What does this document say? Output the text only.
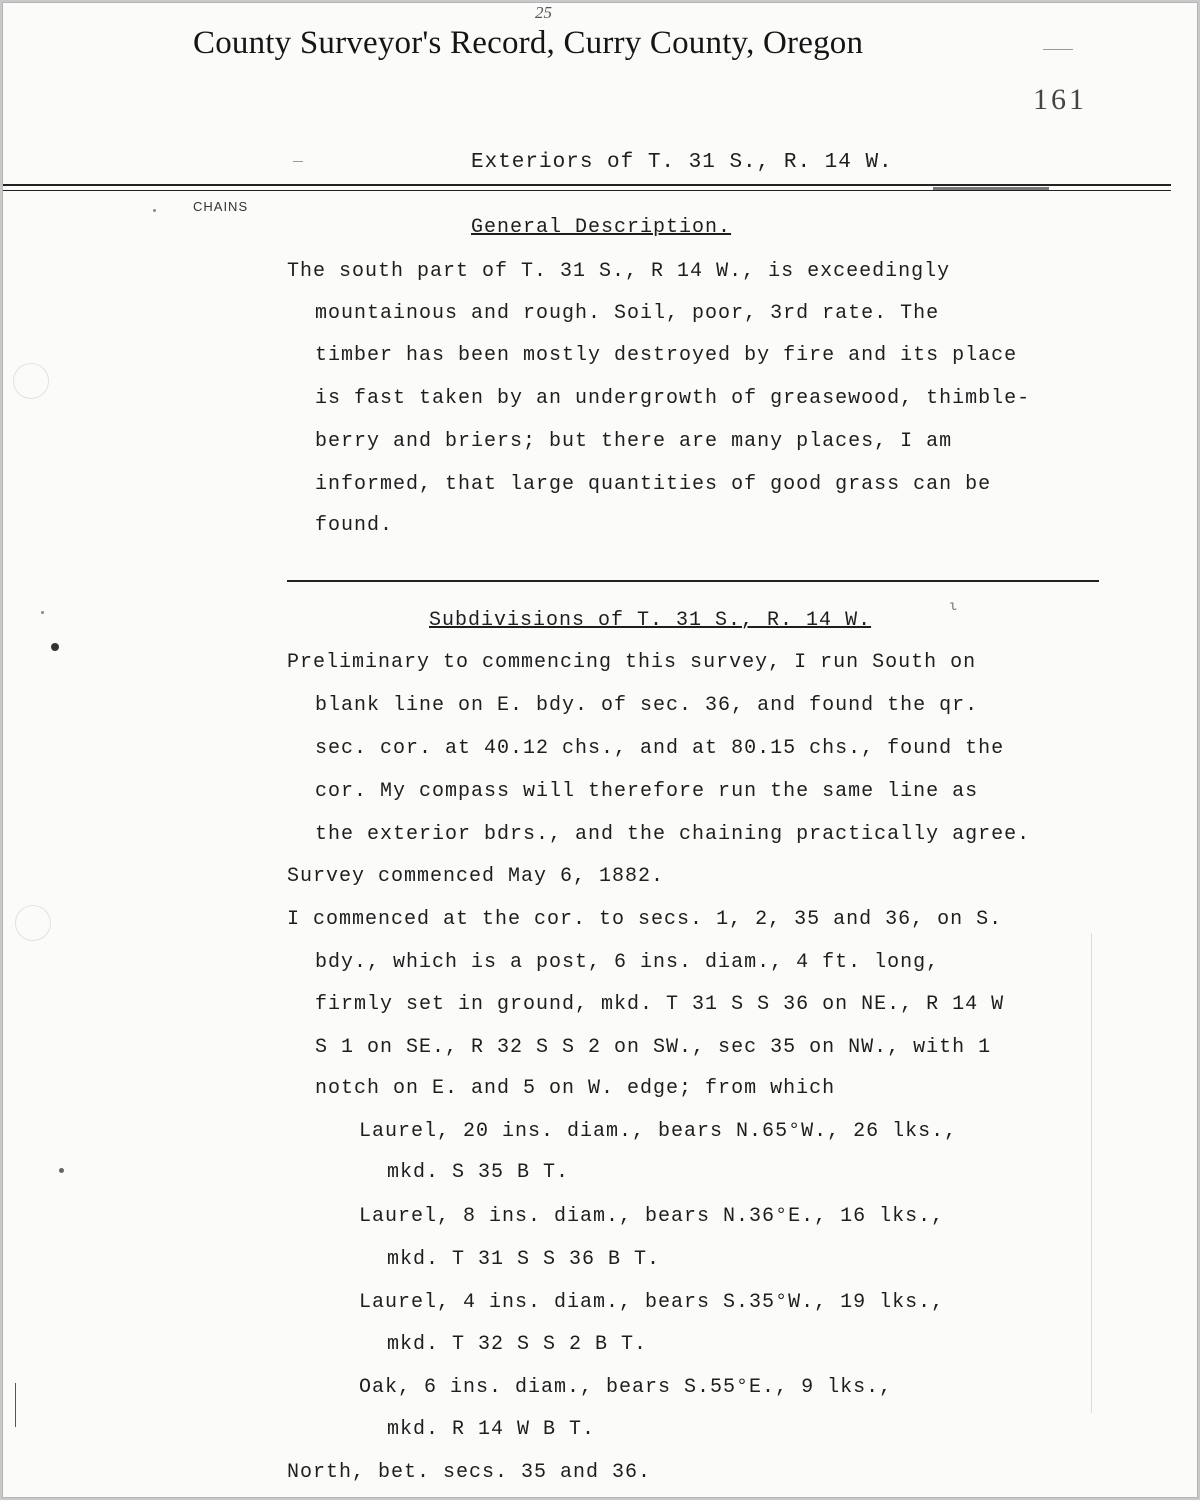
25
County Surveyor's Record, Curry County, Oregon
161
Exteriors of T. 31 S., R. 14 W.
CHAINS
General Description.
The south part of T. 31 S., R 14 W., is exceedingly
mountainous and rough. Soil, poor, 3rd rate. The
timber has been mostly destroyed by fire and its place
is fast taken by an undergrowth of greasewood, thimble-
berry and briers; but there are many places, I am
informed, that large quantities of good grass can be
found.
Subdivisions of T. 31 S., R. 14 W.
ι
Preliminary to commencing this survey, I run South on
blank line on E. bdy. of sec. 36, and found the qr.
sec. cor. at 40.12 chs., and at 80.15 chs., found the
cor. My compass will therefore run the same line as
the exterior bdrs., and the chaining practically agree.
Survey commenced May 6, 1882.
I commenced at the cor. to secs. 1, 2, 35 and 36, on S.
bdy., which is a post, 6 ins. diam., 4 ft. long,
firmly set in ground, mkd. T 31 S S 36 on NE., R 14 W
S 1 on SE., R 32 S S 2 on SW., sec 35 on NW., with 1
notch on E. and 5 on W. edge; from which
Laurel, 20 ins. diam., bears N.65°W., 26 lks.,
mkd. S 35 B T.
Laurel, 8 ins. diam., bears N.36°E., 16 lks.,
mkd. T 31 S S 36 B T.
Laurel, 4 ins. diam., bears S.35°W., 19 lks.,
mkd. T 32 S S 2 B T.
Oak, 6 ins. diam., bears S.55°E., 9 lks.,
mkd. R 14 W B T.
North, bet. secs. 35 and 36.
